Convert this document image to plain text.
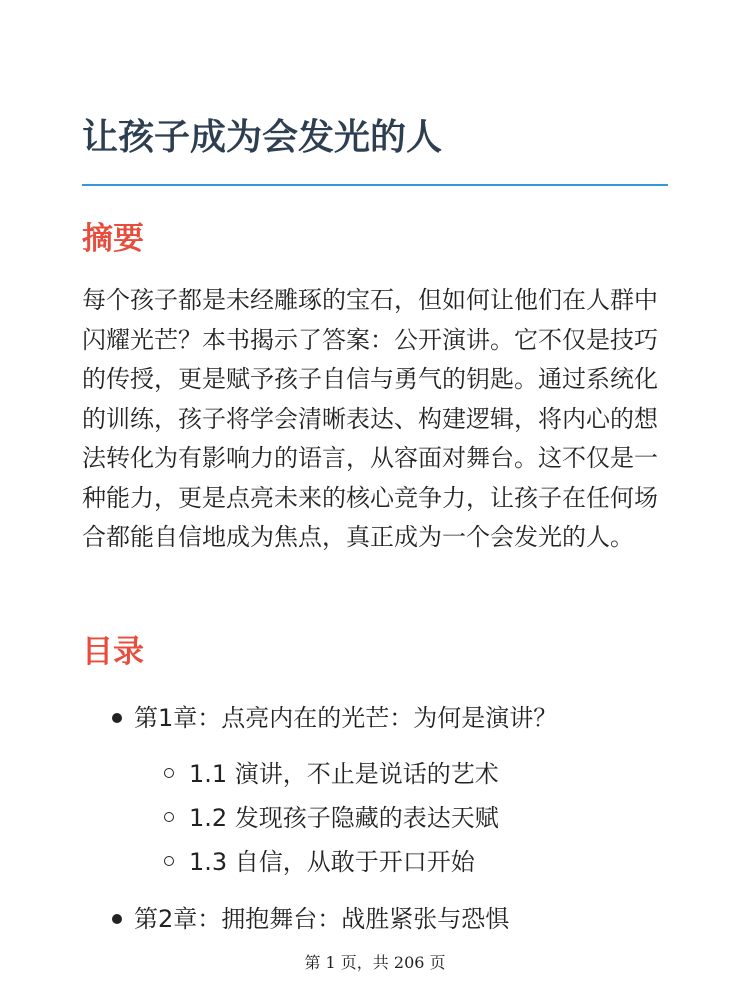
让孩子成为会发光的人
摘要

每个孩子都是未经雕琢的宝石，但如何让他们在人群中闪耀光芒？本书揭示了答案：公开演讲。它不仅是技巧的传授，更是赋予孩子自信与勇气的钥匙。通过系统化的训练，孩子将学会清晰表达、构建逻辑，将内心的想法转化为有影响力的语言，从容面对舞台。这不仅是一种能力，更是点亮未来的核心竞争力，让孩子在任何场合都能自信地成为焦点，真正成为一个会发光的人。

目录
第1章：点亮内在的光芒：为何是演讲？
1.1 演讲，不止是说话的艺术
1.2 发现孩子隐藏的表达天赋
1.3 自信，从敢于开口开始
第2章：拥抱舞台：战胜紧张与恐惧
第 1 页，共 206 页
